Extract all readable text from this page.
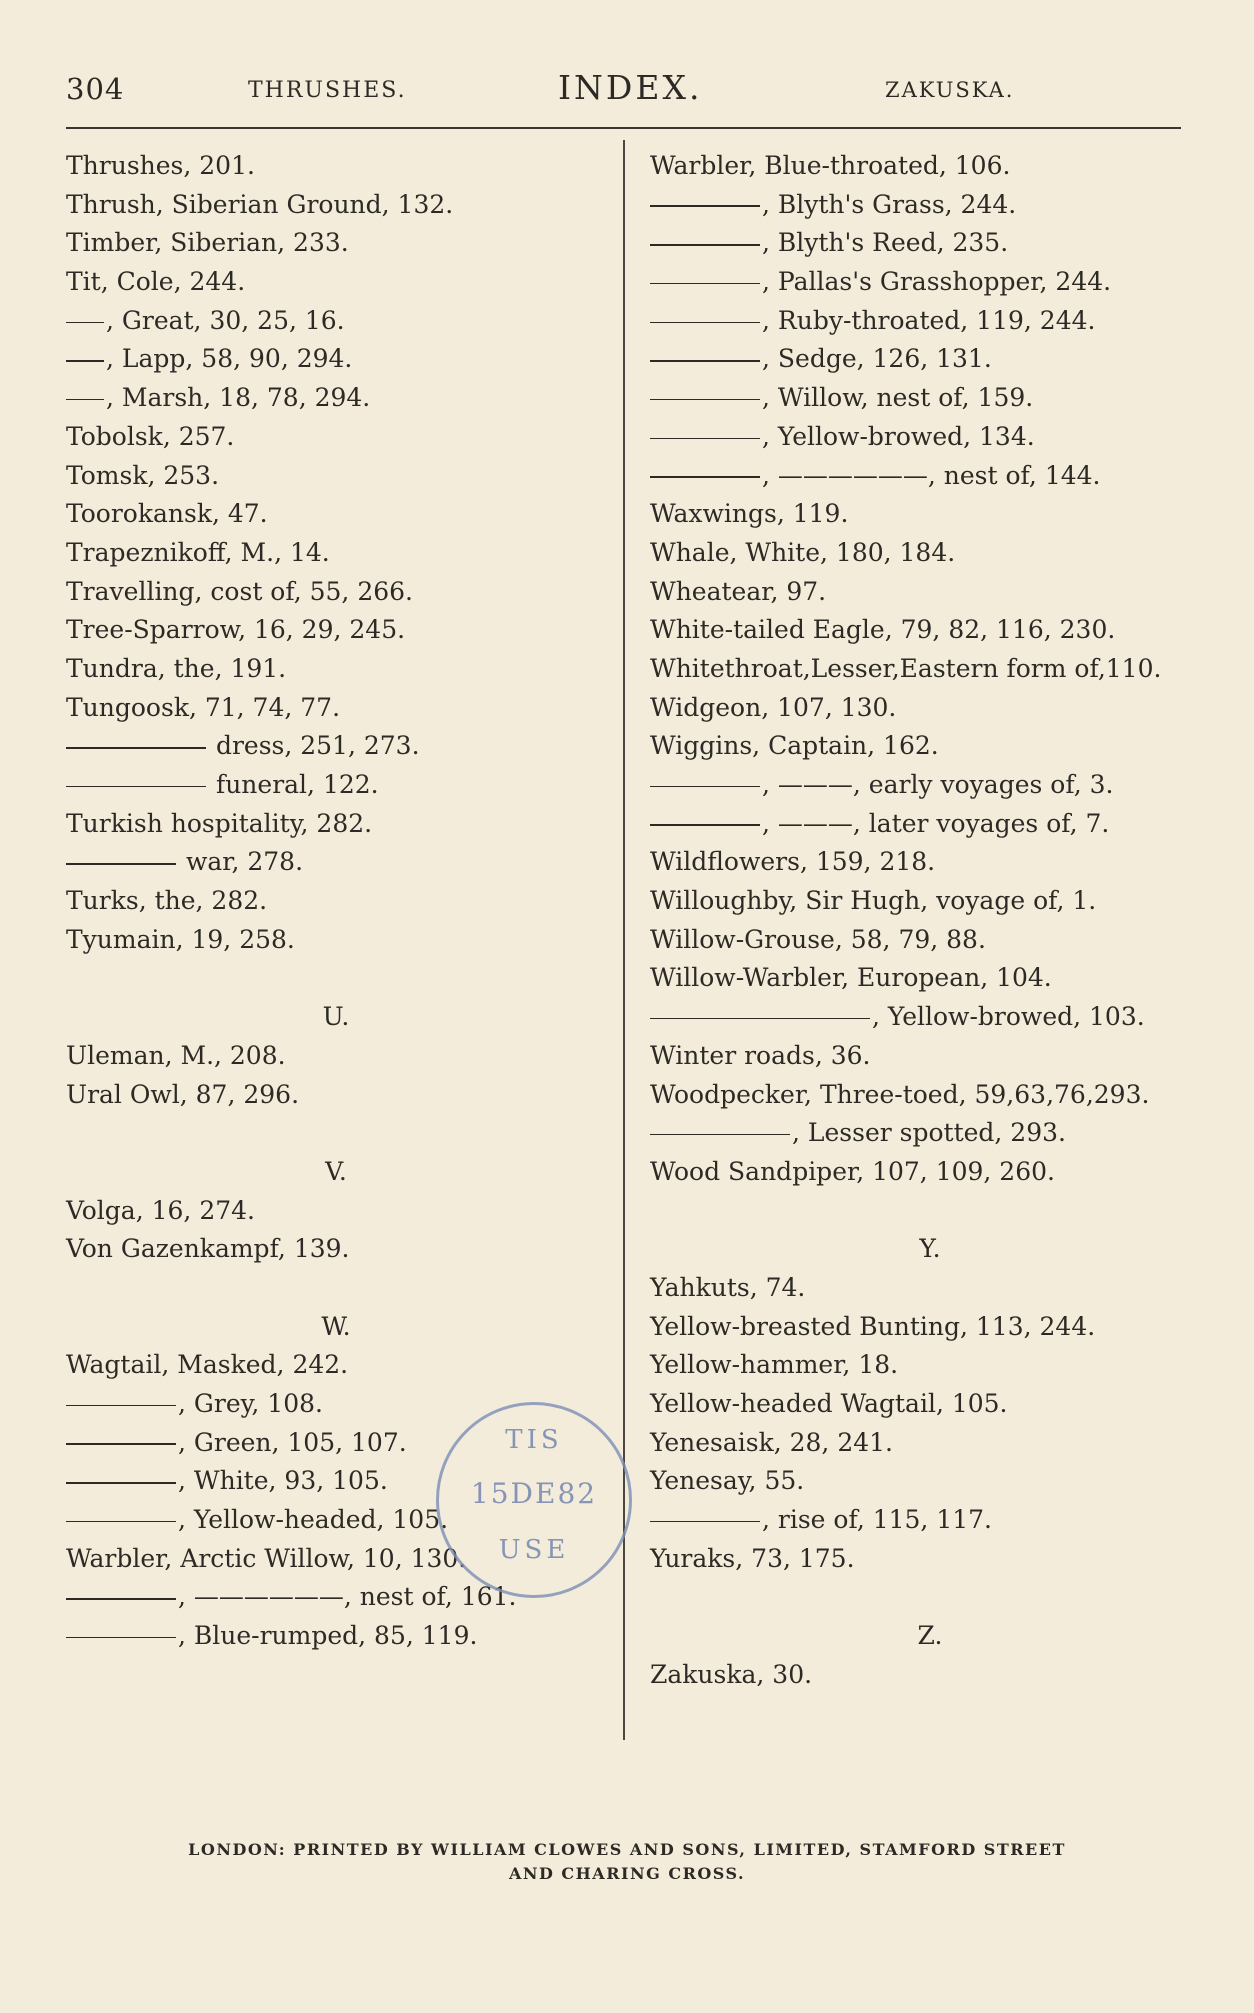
304	THRUSHES.	INDEX.	ZAKUSKA.
Thrushes, 201.
Thrush, Siberian Ground, 132.
Timber, Siberian, 233.
Tit, Cole, 244.
, Great, 30, 25, 16.
, Lapp, 58, 90, 294.
, Marsh, 18, 78, 294.
Tobolsk, 257.
Tomsk, 253.
Toorokansk, 47.
Trapeznikoff, M., 14.
Travelling, cost of, 55, 266.
Tree-Sparrow, 16, 29, 245.
Tundra, the, 191.
Tungoosk, 71, 74, 77.
dress, 251, 273.
funeral, 122.
Turkish hospitality, 282.
war, 278.
Turks, the, 282.
Tyumain, 19, 258.
U.
Uleman, M., 208.
Ural Owl, 87, 296.
V.
Volga, 16, 274.
Von Gazenkampf, 139.
W.
Wagtail, Masked, 242.
, Grey, 108.
, Green, 105, 107.
, White, 93, 105.
, Yellow-headed, 105.
Warbler, Arctic Willow, 10, 130.
, ——————, nest of, 161.
, Blue-rumped, 85, 119.
Warbler, Blue-throated, 106.
, Blyth's Grass, 244.
, Blyth's Reed, 235.
, Pallas's Grasshopper, 244.
, Ruby-throated, 119, 244.
, Sedge, 126, 131.
, Willow, nest of, 159.
, Yellow-browed, 134.
, ——————, nest of, 144.
Waxwings, 119.
Whale, White, 180, 184.
Wheatear, 97.
White-tailed Eagle, 79, 82, 116, 230.
Whitethroat,Lesser,Eastern form of,110.
Widgeon, 107, 130.
Wiggins, Captain, 162.
, ———, early voyages of, 3.
, ———, later voyages of, 7.
Wildflowers, 159, 218.
Willoughby, Sir Hugh, voyage of, 1.
Willow-Grouse, 58, 79, 88.
Willow-Warbler, European, 104.
, Yellow-browed, 103.
Winter roads, 36.
Woodpecker, Three-toed, 59,63,76,293.
, Lesser spotted, 293.
Wood Sandpiper, 107, 109, 260.
Y.
Yahkuts, 74.
Yellow-breasted Bunting, 113, 244.
Yellow-hammer, 18.
Yellow-headed Wagtail, 105.
Yenesaisk, 28, 241.
Yenesay, 55.
, rise of, 115, 117.
Yuraks, 73, 175.
Z.
Zakuska, 30.
TIS
15DE82
USE
LONDON: PRINTED BY WILLIAM CLOWES AND SONS, LIMITED, STAMFORD STREET
AND CHARING CROSS.
